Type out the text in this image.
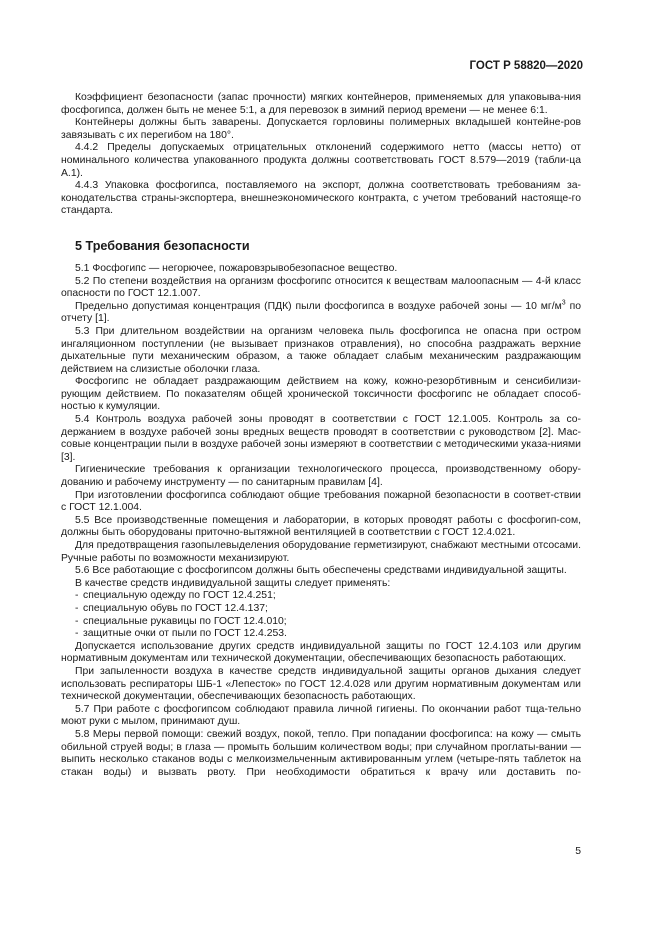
ГОСТ Р 58820—2020

Коэффициент безопасности (запас прочности) мягких контейнеров, применяемых для упаковыва-ния фосфогипса, должен быть не менее 5:1, а для перевозок в зимний период времени — не менее 6:1.

Контейнеры должны быть заварены. Допускается горловины полимерных вкладышей контейне-ров завязывать с их перегибом на 180°.

4.4.2 Пределы допускаемых отрицательных отклонений содержимого нетто (массы нетто) от номинального количества упакованного продукта должны соответствовать ГОСТ 8.579—2019 (табли-ца А.1).

4.4.3 Упаковка фосфогипса, поставляемого на экспорт, должна соответствовать требованиям за-конодательства страны-экспортера, внешнеэкономического контракта, с учетом требований настояще-го стандарта.

5 Требования безопасности

5.1 Фосфогипс — негорючее, пожаровзрывобезопасное вещество.

5.2 По степени воздействия на организм фосфогипс относится к веществам малоопасным — 4-й класс опасности по ГОСТ 12.1.007.

Предельно допустимая концентрация (ПДК) пыли фосфогипса в воздухе рабочей зоны — 10 $мг/м^3$ по отчету [1].

5.3 При длительном воздействии на организм человека пыль фосфогипса не опасна при остром ингаляционном поступлении (не вызывает признаков отравления), но способна раздражать верхние дыхательные пути механическим образом, а также обладает слабым механическим раздражающим действием на слизистые оболочки глаза.

Фосфогипс не обладает раздражающим действием на кожу, кожно-резорбтивным и сенсибилизи-рующим действием. По показателям общей хронической токсичности фосфогипс не обладает способ-ностью к кумуляции.

5.4 Контроль воздуха рабочей зоны проводят в соответствии с ГОСТ 12.1.005. Контроль за со-держанием в воздухе рабочей зоны вредных веществ проводят в соответствии с руководством [2]. Мас-совые концентрации пыли в воздухе рабочей зоны измеряют в соответствии с методическими указа-ниями [3].

Гигиенические требования к организации технологического процесса, производственному обору-дованию и рабочему инструменту — по санитарным правилам [4].

При изготовлении фосфогипса соблюдают общие требования пожарной безопасности в соответ-ствии с ГОСТ 12.1.004.

5.5 Все производственные помещения и лаборатории, в которых проводят работы с фосфогип-сом, должны быть оборудованы приточно-вытяжной вентиляцией в соответствии с ГОСТ 12.4.021.

Для предотвращения газопылевыделения оборудование герметизируют, снабжают местными отсосами. Ручные работы по возможности механизируют.

5.6 Все работающие с фосфогипсом должны быть обеспечены средствами индивидуальной защиты.

В качестве средств индивидуальной защиты следует применять:

- специальную одежду по ГОСТ 12.4.251;

- специальную обувь по ГОСТ 12.4.137;

- специальные рукавицы по ГОСТ 12.4.010;

- защитные очки от пыли по ГОСТ 12.4.253.

Допускается использование других средств индивидуальной защиты по ГОСТ 12.4.103 или другим нормативным документам или технической документации, обеспечивающих безопасность работающих.

При запыленности воздуха в качестве средств индивидуальной защиты органов дыхания следует использовать респираторы ШБ-1 «Лепесток» по ГОСТ 12.4.028 или другим нормативным документам или технической документации, обеспечивающих безопасность работающих.

5.7 При работе с фосфогипсом соблюдают правила личной гигиены. По окончании работ тща-тельно моют руки с мылом, принимают душ.

5.8 Меры первой помощи: свежий воздух, покой, тепло. При попадании фосфогипса: на кожу — смыть обильной струей воды; в глаза — промыть большим количеством воды; при случайном проглаты-вании — выпить несколько стаканов воды с мелкоизмельченным активированным углем (четыре-пять таблеток на стакан воды) и вызвать рвоту. При необходимости обратиться к врачу или доставить по-

5
